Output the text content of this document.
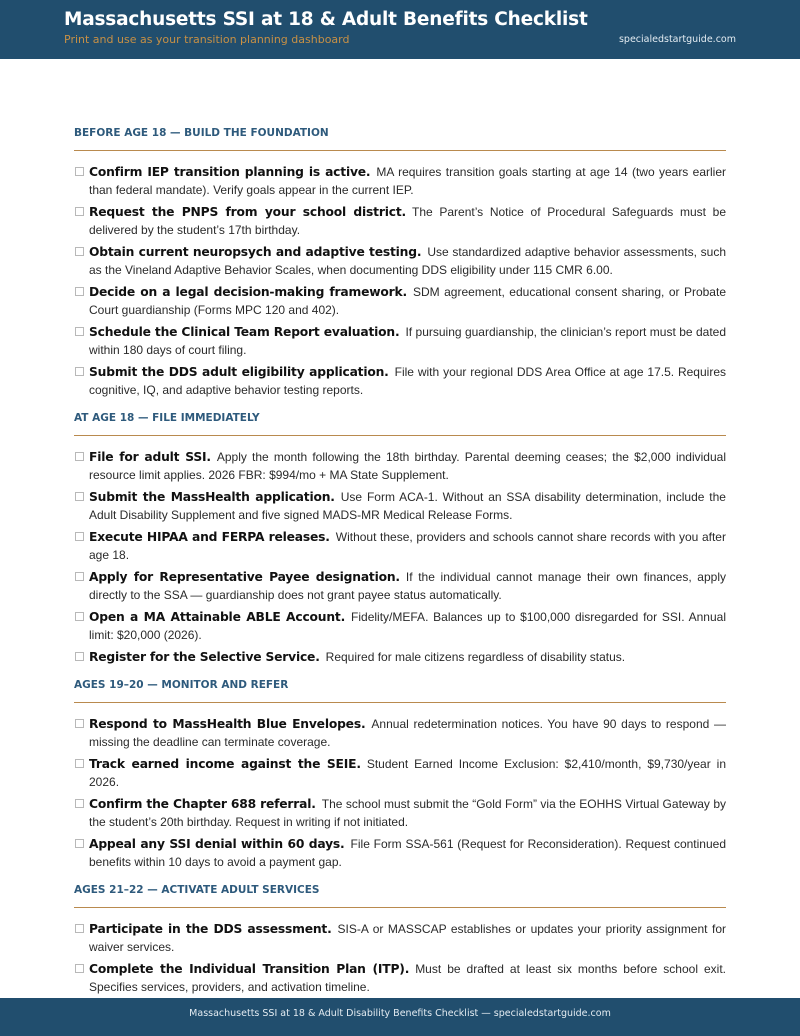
Massachusetts SSI at 18 & Adult Benefits Checklist
Print and use as your transition planning dashboard	specialedstartguide.com
BEFORE AGE 18 — BUILD THE FOUNDATION
Confirm IEP transition planning is active. MA requires transition goals starting at age 14 (two years earlier than federal mandate). Verify goals appear in the current IEP.
Request the PNPS from your school district. The Parent’s Notice of Procedural Safeguards must be delivered by the student’s 17th birthday.
Obtain current neuropsych and adaptive testing. Use standardized adaptive behavior assessments, such as the Vineland Adaptive Behavior Scales, when documenting DDS eligibility under 115 CMR 6.00.
Decide on a legal decision-making framework. SDM agreement, educational consent sharing, or Probate Court guardianship (Forms MPC 120 and 402).
Schedule the Clinical Team Report evaluation. If pursuing guardianship, the clinician’s report must be dated within 180 days of court filing.
Submit the DDS adult eligibility application. File with your regional DDS Area Office at age 17.5. Requires cognitive, IQ, and adaptive behavior testing reports.
AT AGE 18 — FILE IMMEDIATELY
File for adult SSI. Apply the month following the 18th birthday. Parental deeming ceases; the $2,000 individual resource limit applies. 2026 FBR: $994/mo + MA State Supplement.
Submit the MassHealth application. Use Form ACA-1. Without an SSA disability determination, include the Adult Disability Supplement and five signed MADS-MR Medical Release Forms.
Execute HIPAA and FERPA releases. Without these, providers and schools cannot share records with you after age 18.
Apply for Representative Payee designation. If the individual cannot manage their own finances, apply directly to the SSA — guardianship does not grant payee status automatically.
Open a MA Attainable ABLE Account. Fidelity/MEFA. Balances up to $100,000 disregarded for SSI. Annual limit: $20,000 (2026).
Register for the Selective Service. Required for male citizens regardless of disability status.
AGES 19–20 — MONITOR AND REFER
Respond to MassHealth Blue Envelopes. Annual redetermination notices. You have 90 days to respond — missing the deadline can terminate coverage.
Track earned income against the SEIE. Student Earned Income Exclusion: $2,410/month, $9,730/year in 2026.
Confirm the Chapter 688 referral. The school must submit the “Gold Form” via the EOHHS Virtual Gateway by the student’s 20th birthday. Request in writing if not initiated.
Appeal any SSI denial within 60 days. File Form SSA-561 (Request for Reconsideration). Request continued benefits within 10 days to avoid a payment gap.
AGES 21–22 — ACTIVATE ADULT SERVICES
Participate in the DDS assessment. SIS-A or MASSCAP establishes or updates your priority assignment for waiver services.
Complete the Individual Transition Plan (ITP). Must be drafted at least six months before school exit. Specifies services, providers, and activation timeline.
Massachusetts SSI at 18 & Adult Disability Benefits Checklist — specialedstartguide.com
